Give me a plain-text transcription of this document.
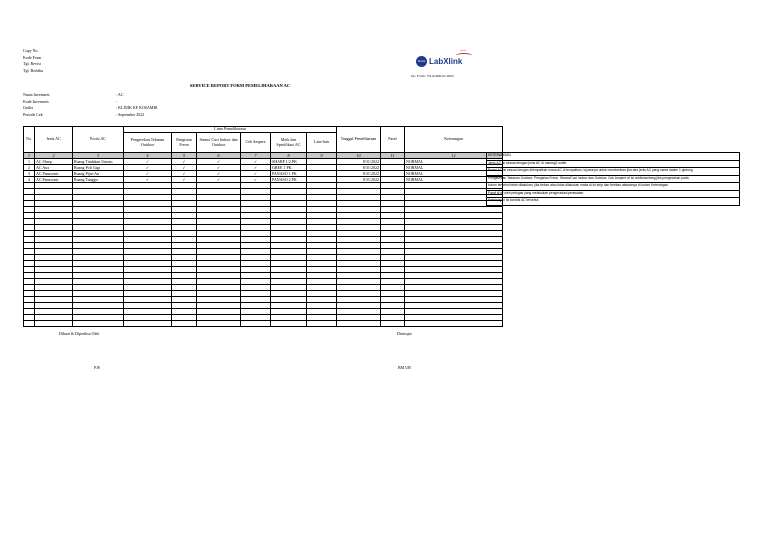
Copy No.
Kode Form
Tgl. Revisi
Tgl. Berlaku
kimia farma
LabXlink
apotek
No. Form : F/LK/006-01/2005
SERVICE REPORT FORM PEMELIHARAAN AC
Nama Inventaris	: AC
Kode Inventaris	:
Outlet	: KLINIK KF KOSAMBI
Periode Cek	: September 2022
No.	Jenis AC	Posisi AC	Lines Pemeliharaan						Tanggal Pemeliharaan	Paraf	Keterangan
			Pengecekan Tekanan Outdoor	Pengisian Freon	Steam/ Cuci Indoor dan Outdoor	Cek Ampere	Merk dan Spesifikasi AC	Lain-lain			
1	2	3	4	5	6	7	8	9	10	11	12
1	AC Sharp	Ruang Tindakan Umum	✓	✓	✓	✓	SHARP 1/2 PK		8/31/2022		NORMAL
2	AC Aux	Ruang Poli Gigi	✓	✓	✓	✓	GREE 1 PK		8/31/2022		NORMAL
3	AC Panasonic	Ruang Pijat-Air	✓	✓	✓	✓	PANASO 1 PK		8/31/2022		NORMAL
4	AC Panasonic	Ruang Tunggu	✓	✓	✓	✓	PANASO 2 PK		8/31/2022		NORMAL

KETERANGAN
Jenis AC isi sesuai dengan jenis AC di masing2 outlet
Posisi AC isi sesuai dengan ditempatkan mana AC di tempatkan, tujuannya untuk memberikan jika ada jenis AC yang sama dalam 1 gedung
Pengecekan Tekanan Outdoor, Pengisian Freon, Steam/Cuci Indoor dan Outdoor, Cek Ampere di isi ceklis/centang jika pengecekan pada
kolom tersebut telah dilakukan, jika belum atau tidak dilakukan maka di isi strip dan berikan alasannya di kolom Keterangan
Paraf di isi oleh petugas yang melakukan pengecekan/perawatan
Keterangan isi kondisi AC tersebut
Dibuat & Diperiksa Oleh	Disetujui
PJS	BM UB
